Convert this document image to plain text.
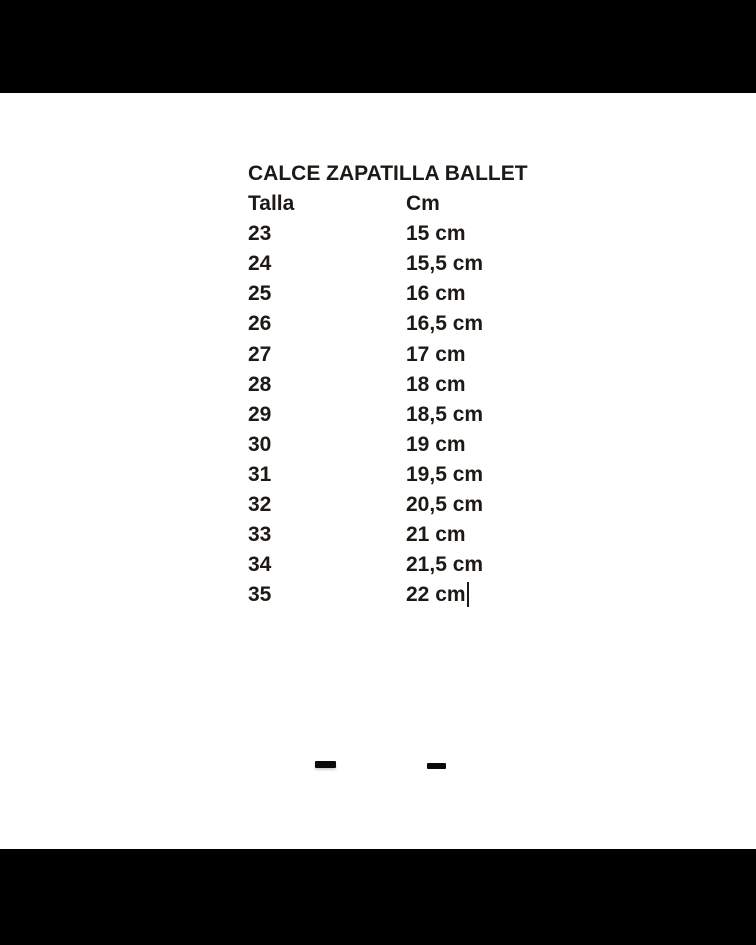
CALCE ZAPATILLA BALLET
Talla	Cm
23	15 cm
24	15,5 cm
25	16 cm
26	16,5 cm
27	17 cm
28	18 cm
29	18,5 cm
30	19 cm
31	19,5 cm
32	20,5 cm
33	21 cm
34	21,5 cm
35	22 cm
